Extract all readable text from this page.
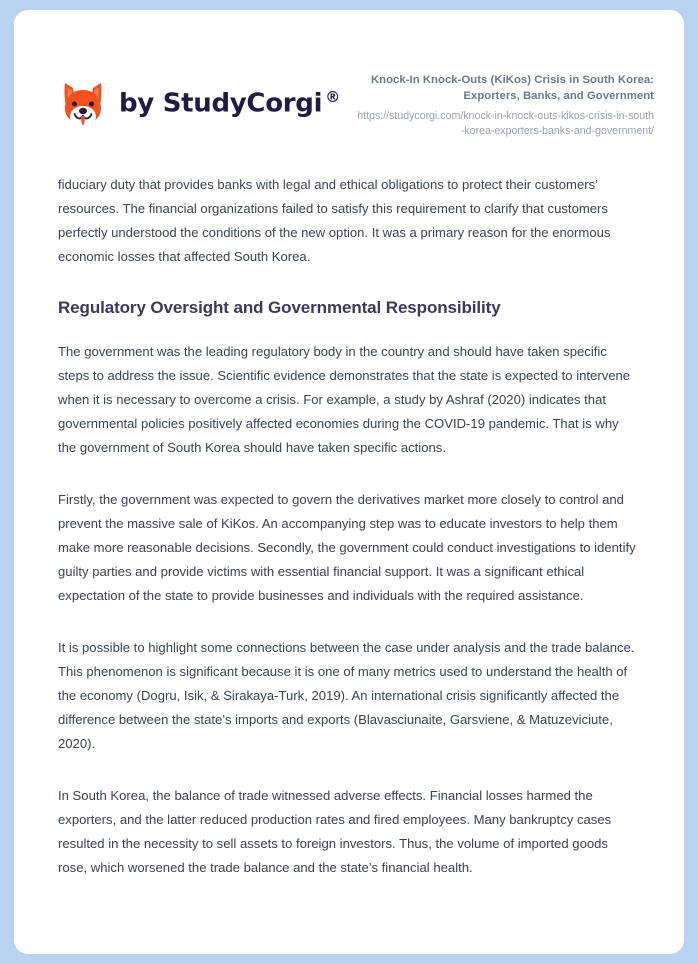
by StudyCorgi ®
Knock-In Knock-Outs (KiKos) Crisis in South Korea: Exporters, Banks, and Government
https://studycorgi.com/knock-in-knock-outs-kikos-crisis-in-south-korea-exporters-banks-and-government/

fiduciary duty that provides banks with legal and ethical obligations to protect their customers’ resources. The financial organizations failed to satisfy this requirement to clarify that customers perfectly understood the conditions of the new option. It was a primary reason for the enormous economic losses that affected South Korea.

Regulatory Oversight and Governmental Responsibility

The government was the leading regulatory body in the country and should have taken specific steps to address the issue. Scientific evidence demonstrates that the state is expected to intervene when it is necessary to overcome a crisis. For example, a study by Ashraf (2020) indicates that governmental policies positively affected economies during the COVID-19 pandemic. That is why the government of South Korea should have taken specific actions.

Firstly, the government was expected to govern the derivatives market more closely to control and prevent the massive sale of KiKos. An accompanying step was to educate investors to help them make more reasonable decisions. Secondly, the government could conduct investigations to identify guilty parties and provide victims with essential financial support. It was a significant ethical expectation of the state to provide businesses and individuals with the required assistance.

It is possible to highlight some connections between the case under analysis and the trade balance. This phenomenon is significant because it is one of many metrics used to understand the health of the economy (Dogru, Isik, & Sirakaya-Turk, 2019). An international crisis significantly affected the difference between the state’s imports and exports (Blavasciunaite, Garsviene, & Matuzeviciute, 2020).

In South Korea, the balance of trade witnessed adverse effects. Financial losses harmed the exporters, and the latter reduced production rates and fired employees. Many bankruptcy cases resulted in the necessity to sell assets to foreign investors. Thus, the volume of imported goods rose, which worsened the trade balance and the state’s financial health.
